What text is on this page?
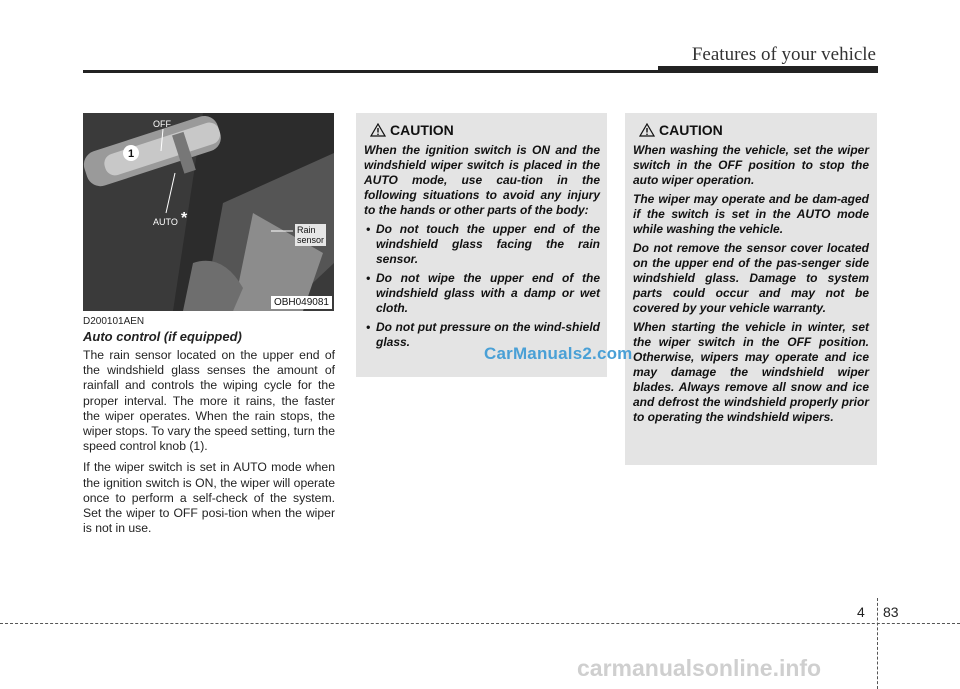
Features of your vehicle
1
OFF
AUTO *
Rain
sensor
OBH049081
D200101AEN
Auto control (if equipped)

The rain sensor located on the upper end of the windshield glass senses the amount of rainfall and controls the wiping cycle for the proper interval. The more it rains, the faster the wiper operates. When the rain stops, the wiper stops. To vary the speed setting, turn the speed control knob (1).

If the wiper switch is set in AUTO mode when the ignition switch is ON, the wiper will operate once to perform a self-check of the system. Set the wiper to OFF posi-tion when the wiper is not in use.

CAUTION

When the ignition switch is ON and the windshield wiper switch is placed in the AUTO mode, use cau-tion in the following situations to avoid any injury to the hands or other parts of the body:

• Do not touch the upper end of the windshield glass facing the rain sensor.

• Do not wipe the upper end of the windshield glass with a damp or wet cloth.

• Do not put pressure on the wind-shield glass.

CAUTION

When washing the vehicle, set the wiper switch in the OFF position to stop the auto wiper operation.

The wiper may operate and be dam-aged if the switch is set in the AUTO mode while washing the vehicle.

Do not remove the sensor cover located on the upper end of the pas-senger side windshield glass. Damage to system parts could occur and may not be covered by your vehicle warranty.

When starting the vehicle in winter, set the wiper switch in the OFF position. Otherwise, wipers may operate and ice may damage the windshield wiper blades. Always remove all snow and ice and defrost the windshield properly prior to operating the windshield wipers.

CarManuals2.com
4 83
carmanualsonline.info
